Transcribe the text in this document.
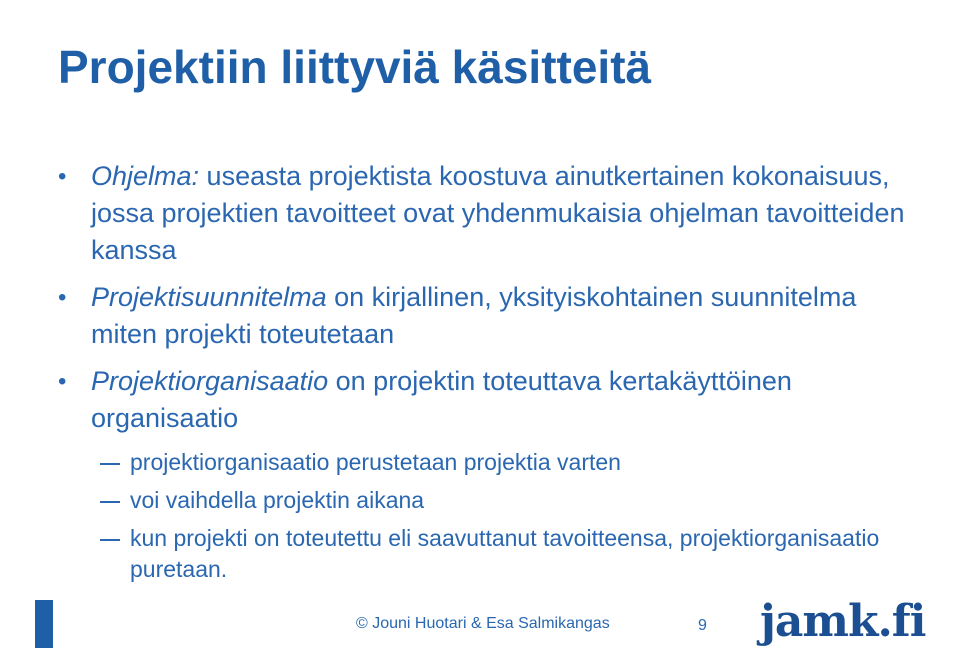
Projektiin liittyviä käsitteitä
• Ohjelma: useasta projektista koostuva ainutkertainen kokonaisuus, jossa projektien tavoitteet ovat yhdenmukaisia ohjelman tavoitteiden kanssa
• Projektisuunnitelma on kirjallinen, yksityiskohtainen suunnitelma miten projekti toteutetaan
• Projektiorganisaatio on projektin toteuttava kertakäyttöinen organisaatio
projektiorganisaatio perustetaan projektia varten
voi vaihdella projektin aikana
kun projekti on toteutettu eli saavuttanut tavoitteensa, projektiorganisaatio puretaan.
© Jouni Huotari & Esa Salmikangas	9 jamk.fi
